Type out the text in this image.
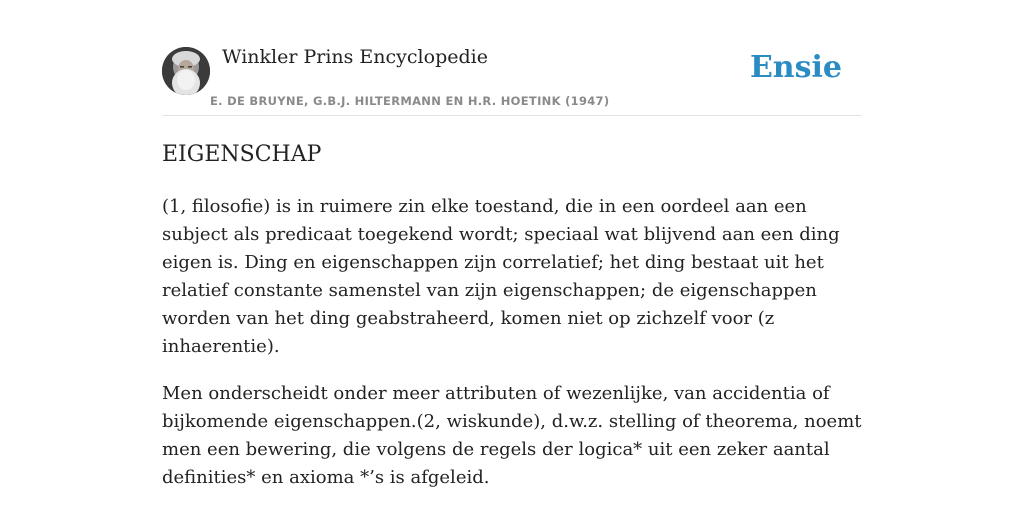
Winkler Prins Encyclopedie
E. DE BRUYNE, G.B.J. HILTERMANN EN H.R. HOETINK (1947)
Ensie
EIGENSCHAP

(1, filosofie) is in ruimere zin elke toestand, die in een oordeel aan een subject als predicaat toegekend wordt; speciaal wat blijvend aan een ding eigen is. Ding en eigenschappen zijn correlatief; het ding bestaat uit het relatief constante samenstel van zijn eigenschappen; de eigenschappen worden van het ding geabstraheerd, komen niet op zichzelf voor (z inhaerentie).

Men onderscheidt onder meer attributen of wezenlijke, van accidentia of bijkomende eigenschappen.(2, wiskunde), d.w.z. stelling of theorema, noemt men een bewering, die volgens de regels der logica* uit een zeker aantal definities* en axioma *’s is afgeleid.
